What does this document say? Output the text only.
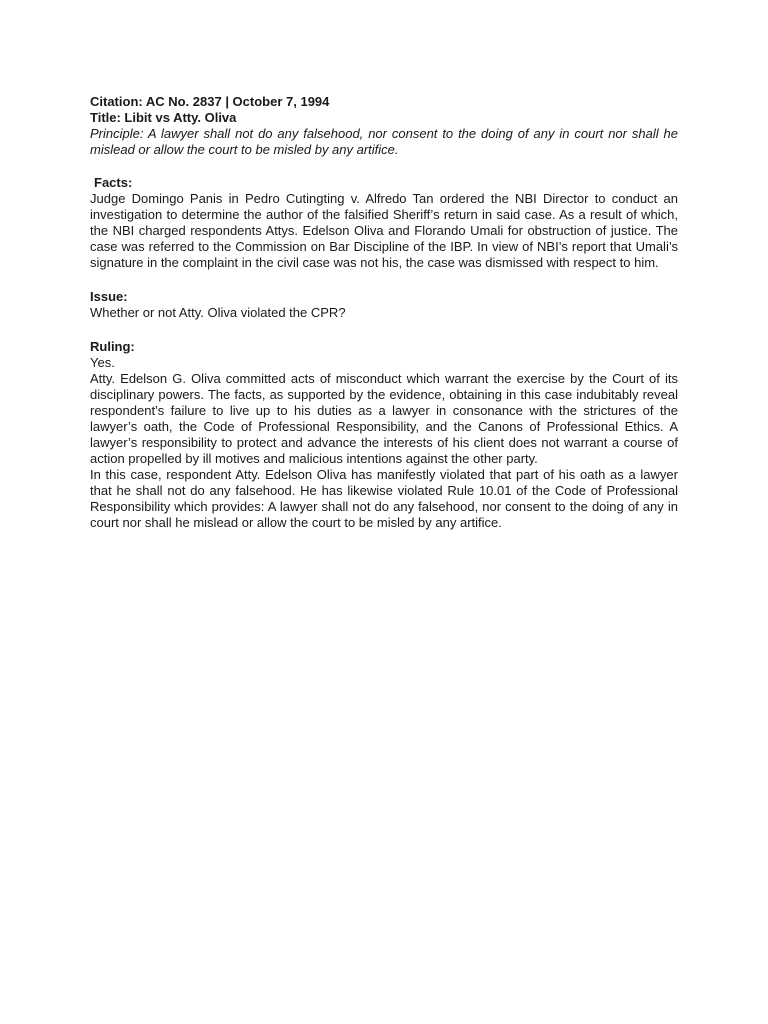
Citation: AC No. 2837 | October 7, 1994

Title: Libit vs Atty. Oliva

Principle: A lawyer shall not do any falsehood, nor consent to the doing of any in court nor shall he mislead or allow the court to be misled by any artifice.

Facts:

Judge Domingo Panis in Pedro Cutingting v. Alfredo Tan ordered the NBI Director to conduct an investigation to determine the author of the falsified Sheriff’s return in said case. As a result of which, the NBI charged respondents Attys. Edelson Oliva and Florando Umali for obstruction of justice. The case was referred to the Commission on Bar Discipline of the IBP. In view of NBI’s report that Umali’s signature in the complaint in the civil case was not his, the case was dismissed with respect to him.

Issue:

Whether or not Atty. Oliva violated the CPR?

Ruling:

Yes.

Atty. Edelson G. Oliva committed acts of misconduct which warrant the exercise by the Court of its disciplinary powers. The facts, as supported by the evidence, obtaining in this case indubitably reveal respondent’s failure to live up to his duties as a lawyer in consonance with the strictures of the lawyer’s oath, the Code of Professional Responsibility, and the Canons of Professional Ethics. A lawyer’s responsibility to protect and advance the interests of his client does not warrant a course of action propelled by ill motives and malicious intentions against the other party.

In this case, respondent Atty. Edelson Oliva has manifestly violated that part of his oath as a lawyer that he shall not do any falsehood. He has likewise violated Rule 10.01 of the Code of Professional Responsibility which provides: A lawyer shall not do any falsehood, nor consent to the doing of any in court nor shall he mislead or allow the court to be misled by any artifice.
